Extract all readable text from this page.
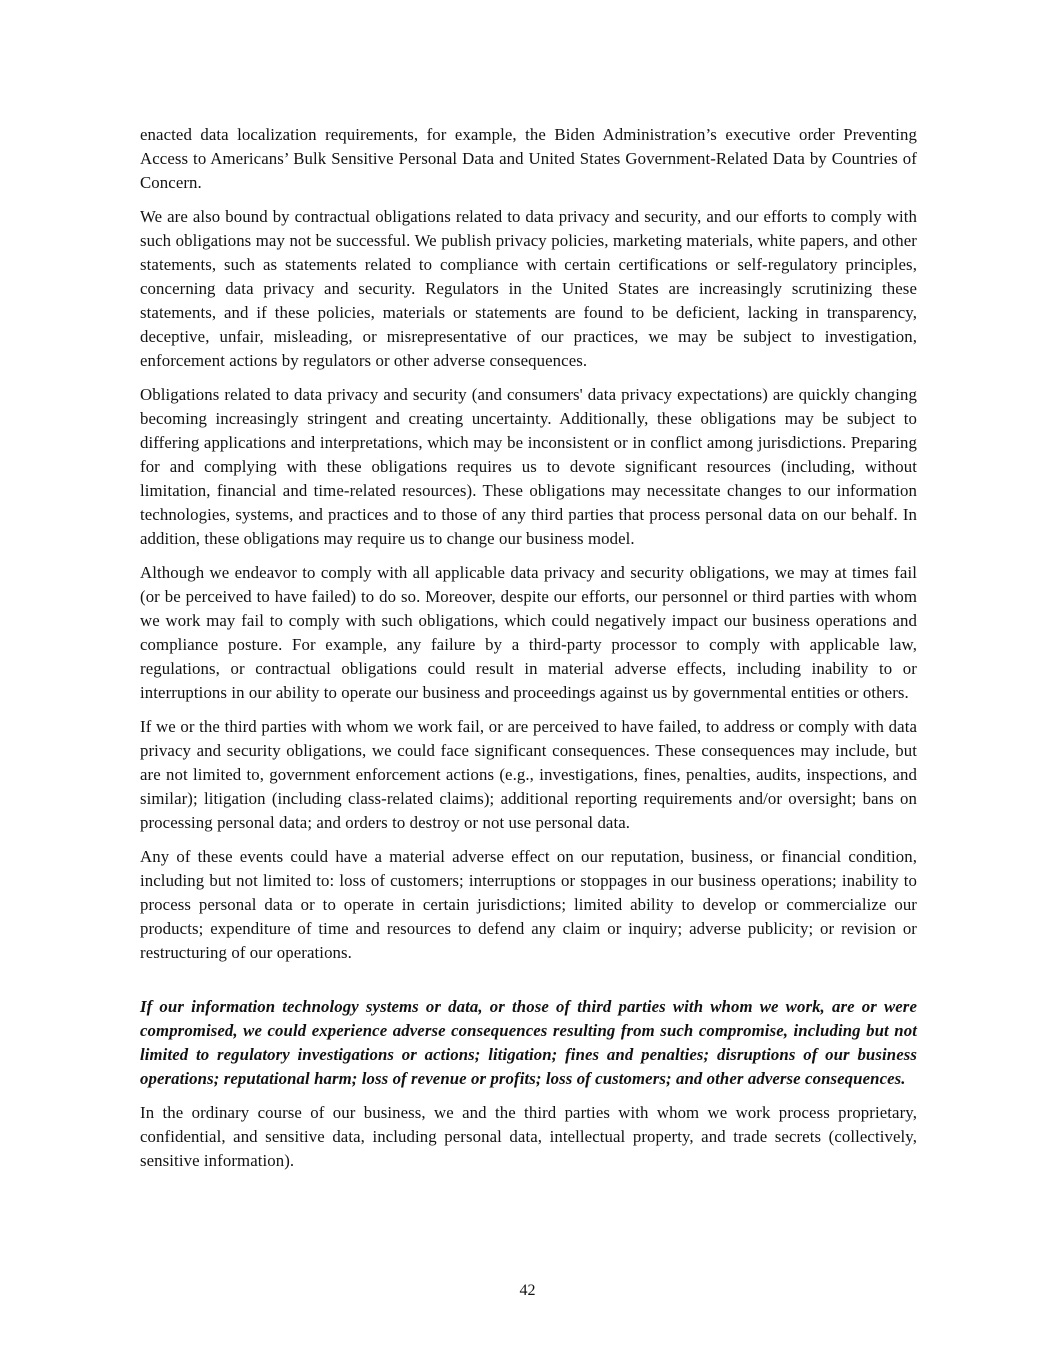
enacted data localization requirements, for example, the Biden Administration’s executive order Preventing Access to Americans’ Bulk Sensitive Personal Data and United States Government-Related Data by Countries of Concern.

We are also bound by contractual obligations related to data privacy and security, and our efforts to comply with such obligations may not be successful. We publish privacy policies, marketing materials, white papers, and other statements, such as statements related to compliance with certain certifications or self-regulatory principles, concerning data privacy and security. Regulators in the United States are increasingly scrutinizing these statements, and if these policies, materials or statements are found to be deficient, lacking in transparency, deceptive, unfair, misleading, or misrepresentative of our practices, we may be subject to investigation, enforcement actions by regulators or other adverse consequences.

Obligations related to data privacy and security (and consumers' data privacy expectations) are quickly changing becoming increasingly stringent and creating uncertainty. Additionally, these obligations may be subject to differing applications and interpretations, which may be inconsistent or in conflict among jurisdictions. Preparing for and complying with these obligations requires us to devote significant resources (including, without limitation, financial and time-related resources). These obligations may necessitate changes to our information technologies, systems, and practices and to those of any third parties that process personal data on our behalf. In addition, these obligations may require us to change our business model.

Although we endeavor to comply with all applicable data privacy and security obligations, we may at times fail (or be perceived to have failed) to do so. Moreover, despite our efforts, our personnel or third parties with whom we work may fail to comply with such obligations, which could negatively impact our business operations and compliance posture. For example, any failure by a third-party processor to comply with applicable law, regulations, or contractual obligations could result in material adverse effects, including inability to or interruptions in our ability to operate our business and proceedings against us by governmental entities or others.

If we or the third parties with whom we work fail, or are perceived to have failed, to address or comply with data privacy and security obligations, we could face significant consequences. These consequences may include, but are not limited to, government enforcement actions (e.g., investigations, fines, penalties, audits, inspections, and similar); litigation (including class-related claims); additional reporting requirements and/or oversight; bans on processing personal data; and orders to destroy or not use personal data.

Any of these events could have a material adverse effect on our reputation, business, or financial condition, including but not limited to: loss of customers; interruptions or stoppages in our business operations; inability to process personal data or to operate in certain jurisdictions; limited ability to develop or commercialize our products; expenditure of time and resources to defend any claim or inquiry; adverse publicity; or revision or restructuring of our operations.

If our information technology systems or data, or those of third parties with whom we work, are or were compromised, we could experience adverse consequences resulting from such compromise, including but not limited to regulatory investigations or actions; litigation; fines and penalties; disruptions of our business operations; reputational harm; loss of revenue or profits; loss of customers; and other adverse consequences.

In the ordinary course of our business, we and the third parties with whom we work process proprietary, confidential, and sensitive data, including personal data, intellectual property, and trade secrets (collectively, sensitive information).

42
